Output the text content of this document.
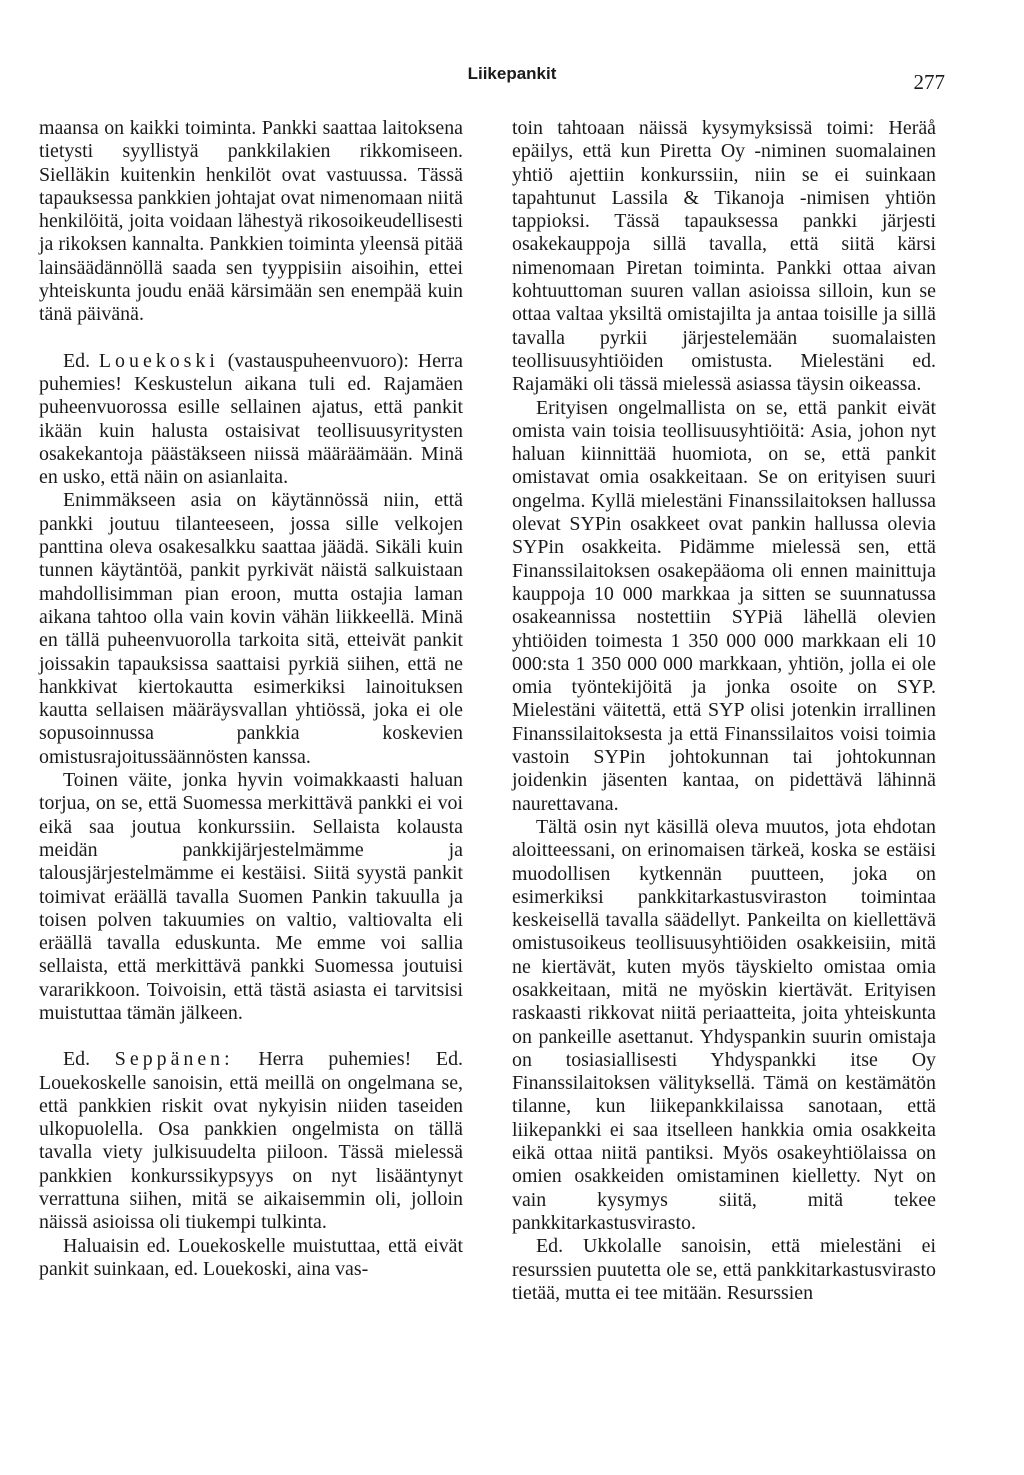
Liikepankit	277

maansa on kaikki toiminta. Pankki saattaa laitoksena tietysti syyllistyä pankkilakien rikkomiseen. Sielläkin kuitenkin henkilöt ovat vastuussa. Tässä tapauksessa pankkien johtajat ovat nimenomaan niitä henkilöitä, joita voidaan lähestyä rikosoikeudellisesti ja rikoksen kannalta. Pankkien toiminta yleensä pitää lainsäädännöllä saada sen tyyppisiin aisoihin, ettei yhteiskunta joudu enää kärsimään sen enempää kuin tänä päivänä.

Ed. Louekoski (vastauspuheenvuoro): Herra puhemies! Keskustelun aikana tuli ed. Rajamäen puheenvuorossa esille sellainen ajatus, että pankit ikään kuin halusta ostaisivat teollisuusyritysten osakekantoja päästäkseen niissä määräämään. Minä en usko, että näin on asianlaita.

Enimmäkseen asia on käytännössä niin, että pankki joutuu tilanteeseen, jossa sille velkojen panttina oleva osakesalkku saattaa jäädä. Sikäli kuin tunnen käytäntöä, pankit pyrkivät näistä salkuistaan mahdollisimman pian eroon, mutta ostajia laman aikana tahtoo olla vain kovin vähän liikkeellä. Minä en tällä puheenvuorolla tarkoita sitä, etteivät pankit joissakin tapauksissa saattaisi pyrkiä siihen, että ne hankkivat kiertokautta esimerkiksi lainoituksen kautta sellaisen määräysvallan yhtiössä, joka ei ole sopusoinnussa pankkia koskevien omistusrajoitussäännösten kanssa.

Toinen väite, jonka hyvin voimakkaasti haluan torjua, on se, että Suomessa merkittävä pankki ei voi eikä saa joutua konkurssiin. Sellaista kolausta meidän pankkijärjestelmämme ja talousjärjestelmämme ei kestäisi. Siitä syystä pankit toimivat eräällä tavalla Suomen Pankin takuulla ja toisen polven takuumies on valtio, valtiovalta eli eräällä tavalla eduskunta. Me emme voi sallia sellaista, että merkittävä pankki Suomessa joutuisi vararikkoon. Toivoisin, että tästä asiasta ei tarvitsisi muistuttaa tämän jälkeen.

Ed. Seppänen: Herra puhemies! Ed. Louekoskelle sanoisin, että meillä on ongelmana se, että pankkien riskit ovat nykyisin niiden taseiden ulkopuolella. Osa pankkien ongelmista on tällä tavalla viety julkisuudelta piiloon. Tässä mielessä pankkien konkurssikypsyys on nyt lisääntynyt verrattuna siihen, mitä se aikaisemmin oli, jolloin näissä asioissa oli tiukempi tulkinta.

Haluaisin ed. Louekoskelle muistuttaa, että eivät pankit suinkaan, ed. Louekoski, aina vas-

toin tahtoaan näissä kysymyksissä toimi: Heräå epäilys, että kun Piretta Oy -niminen suomalainen yhtiö ajettiin konkurssiin, niin se ei suinkaan tapahtunut Lassila & Tikanoja -nimisen yhtiön tappioksi. Tässä tapauksessa pankki järjesti osakekauppoja sillä tavalla, että siitä kärsi nimenomaan Piretan toiminta. Pankki ottaa aivan kohtuuttoman suuren vallan asioissa silloin, kun se ottaa valtaa yksiltä omistajilta ja antaa toisille ja sillä tavalla pyrkii järjestelemään suomalaisten teollisuusyhtiöiden omistusta. Mielestäni ed. Rajamäki oli tässä mielessä asiassa täysin oikeassa.

Erityisen ongelmallista on se, että pankit eivät omista vain toisia teollisuusyhtiöitä: Asia, johon nyt haluan kiinnittää huomiota, on se, että pankit omistavat omia osakkeitaan. Se on erityisen suuri ongelma. Kyllä mielestäni Finanssilaitoksen hallussa olevat SYPin osakkeet ovat pankin hallussa olevia SYPin osakkeita. Pidämme mielessä sen, että Finanssilaitoksen osakepääoma oli ennen mainittuja kauppoja 10 000 markkaa ja sitten se suunnatussa osakeannissa nostettiin SYPiä lähellä olevien yhtiöiden toimesta 1 350 000 000 markkaan eli 10 000:sta 1 350 000 000 markkaan, yhtiön, jolla ei ole omia työntekijöitä ja jonka osoite on SYP. Mielestäni väitettä, että SYP olisi jotenkin irrallinen Finanssilaitoksesta ja että Finanssilaitos voisi toimia vastoin SYPin johtokunnan tai johtokunnan joidenkin jäsenten kantaa, on pidettävä lähinnä naurettavana.

Tältä osin nyt käsillä oleva muutos, jota ehdotan aloitteessani, on erinomaisen tärkeä, koska se estäisi muodollisen kytkennän puutteen, joka on esimerkiksi pankkitarkastusviraston toimintaa keskeisellä tavalla säädellyt. Pankeilta on kiellettävä omistusoikeus teollisuusyhtiöiden osakkeisiin, mitä ne kiertävät, kuten myös täyskielto omistaa omia osakkeitaan, mitä ne myöskin kiertävät. Erityisen raskaasti rikkovat niitä periaatteita, joita yhteiskunta on pankeille asettanut. Yhdyspankin suurin omistaja on tosiasiallisesti Yhdyspankki itse Oy Finanssilaitoksen välityksellä. Tämä on kestämätön tilanne, kun liikepankkilaissa sanotaan, että liikepankki ei saa itselleen hankkia omia osakkeita eikä ottaa niitä pantiksi. Myös osakeyhtiölaissa on omien osakkeiden omistaminen kielletty. Nyt on vain kysymys siitä, mitä tekee pankkitarkastusvirasto.

Ed. Ukkolalle sanoisin, että mielestäni ei resurssien puutetta ole se, että pankkitarkastusvirasto tietää, mutta ei tee mitään. Resurssien
